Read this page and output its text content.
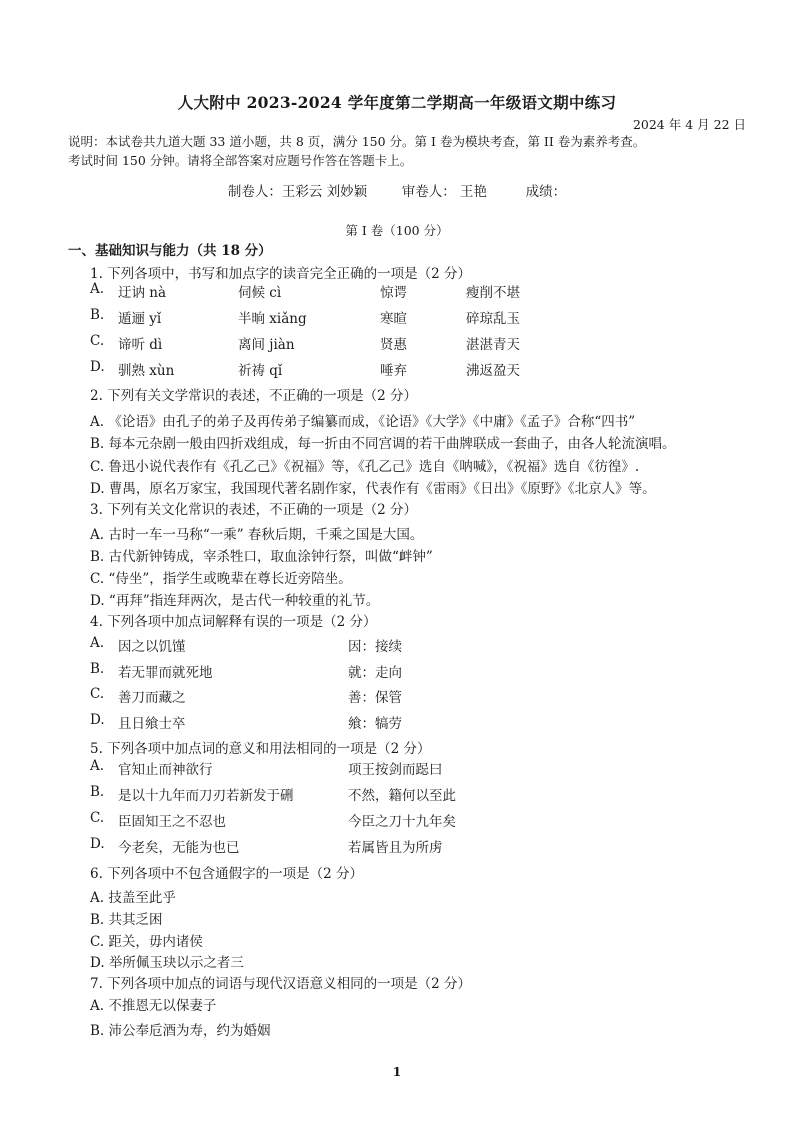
人大附中 2023-2024 学年度第二学期高一年级语文期中练习
2024 年 4 月 22 日
说明：本试卷共九道大题 33 道小题，共 8 页，满分 150 分。第 I 卷为模块考查，第 II 卷为素养考查。
考试时间 150 分钟。请将全部答案对应题号作答在答题卡上。
制卷人：王彩云 刘妙颖	审卷人： 王艳	成绩：
第 I 卷（100 分）
一、基础知识与能力（共 18 分）
1. 下列各项中，书写和加点字的读音完全正确的一项是（2 分）
A. 迂讷 nà	伺候 cì	惊谔	瘦削不堪
B. 遁逦 yǐ	半晌 xiǎng	寒暄	碎琼乱玉
C. 谛听 dì	离间 jiàn	贤惠	湛湛青天
D. 驯熟 xùn	祈祷 qǐ	唾弃	沸返盈天
2. 下列有关文学常识的表述，不正确的一项是（2 分）
A. 《论语》由孔子的弟子及再传弟子编纂而成，《论语》《大学》《中庸》《孟子》合称“四书”
B. 每本元杂剧一般由四折戏组成，每一折由不同宫调的若干曲牌联成一套曲子，由各人轮流演唱。
C. 鲁迅小说代表作有《孔乙己》《祝福》等，《孔乙己》选自《呐喊》，《祝福》选自《彷徨》.
D. 曹禺，原名万家宝，我国现代著名剧作家，代表作有《雷雨》《日出》《原野》《北京人》等。
3. 下列有关文化常识的表述，不正确的一项是（2 分）
A. 古时一车一马称“一乘” 春秋后期，千乘之国是大国。
B. 古代新钟铸成，宰杀牲口，取血涂钟行祭，叫做“衅钟”
C. “侍坐”，指学生或晚辈在尊长近旁陪坐。
D. “再拜”指连拜两次，是古代一种较重的礼节。
4. 下列各项中加点词解释有误的一项是（2 分）
A. 因之以饥馑	因：接续
B. 若无罪而就死地	就：走向
C. 善刀而藏之	善：保管
D. 且日飨士卒	飨：犒劳
5. 下列各项中加点词的意义和用法相同的一项是（2 分）
A. 官知止而神欲行	项王按剑而跽曰
B. 是以十九年而刀刃若新发于硎	不然，籍何以至此
C. 臣固知王之不忍也	今臣之刀十九年矣
D. 今老矣，无能为也已	若属皆且为所虏
6. 下列各项中不包含通假字的一项是（2 分）
A. 技盖至此乎
B. 共其乏困
C. 距关，毋内诸侯
D. 举所佩玉玦以示之者三
7. 下列各项中加点的词语与现代汉语意义相同的一项是（2 分）
A. 不推恩无以保妻子
B. 沛公奉卮酒为寿，约为婚姻
1
